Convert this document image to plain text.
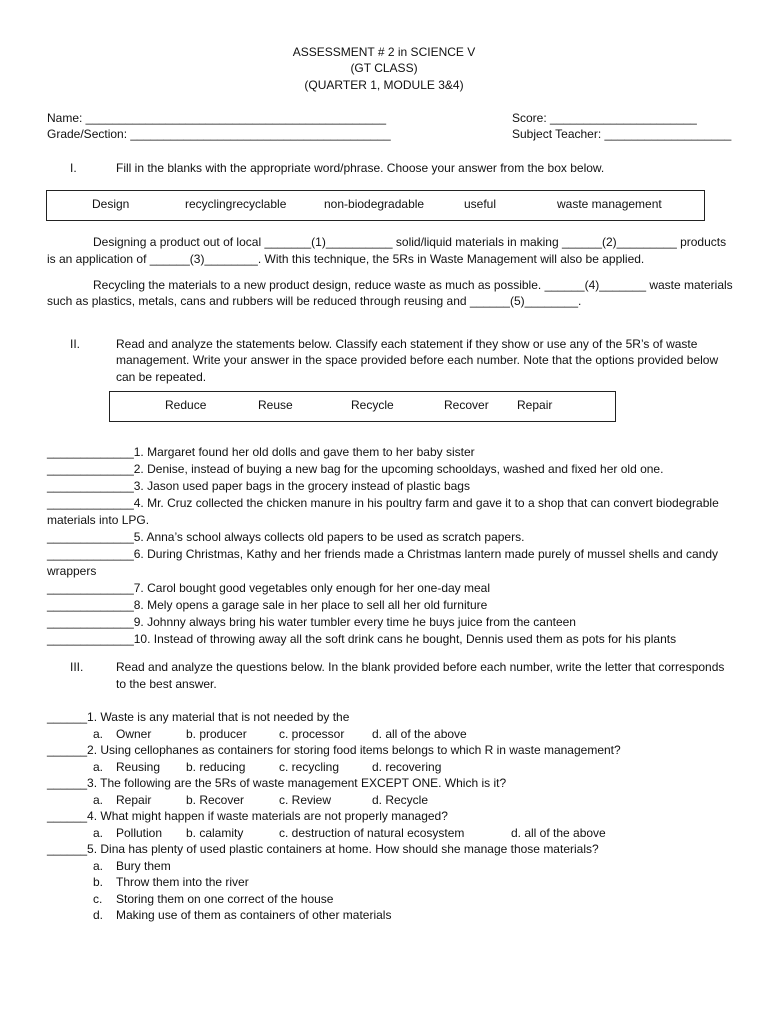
ASSESSMENT # 2 in SCIENCE V
(GT CLASS)
(QUARTER 1, MODULE 3&4)
Name: _____________________________________________	Score: ______________________
Grade/Section: _______________________________________	Subject Teacher: ___________________
I.	Fill in the blanks with the appropriate word/phrase. Choose your answer from the box below.
Design	recyclingrecyclable	non-biodegradable	useful	waste management
Designing a product out of local _______(1)__________ solid/liquid materials in making ______(2)_________ products
is an application of ______(3)________. With this technique, the 5Rs in Waste Management will also be applied.
Recycling the materials to a new product design, reduce waste as much as possible. ______(4)_______ waste materials
such as plastics, metals, cans and rubbers will be reduced through reusing and ______(5)________.
II.	Read and analyze the statements below. Classify each statement if they show or use any of the 5R’s of waste
management. Write your answer in the space provided before each number. Note that the options provided below
can be repeated.
Reduce	Reuse	Recycle	Recover Repair
_____________1. Margaret found her old dolls and gave them to her baby sister
_____________2. Denise, instead of buying a new bag for the upcoming schooldays, washed and fixed her old one.
_____________3. Jason used paper bags in the grocery instead of plastic bags
_____________4. Mr. Cruz collected the chicken manure in his poultry farm and gave it to a shop that can convert biodegrable
materials into LPG.
_____________5. Anna’s school always collects old papers to be used as scratch papers.
_____________6. During Christmas, Kathy and her friends made a Christmas lantern made purely of mussel shells and candy
wrappers
_____________7. Carol bought good vegetables only enough for her one-day meal
_____________8. Mely opens a garage sale in her place to sell all her old furniture
_____________9. Johnny always bring his water tumbler every time he buys juice from the canteen
_____________10. Instead of throwing away all the soft drink cans he bought, Dennis used them as pots for his plants
III.	Read and analyze the questions below. In the blank provided before each number, write the letter that corresponds
to the best answer.
______1. Waste is any material that is not needed by the
a. Owner	b. producer	c. processor d. all of the above
______2. Using cellophanes as containers for storing food items belongs to which R in waste management?
a. Reusing b. reducing	c. recycling	d. recovering
______3. The following are the 5Rs of waste management EXCEPT ONE. Which is it?
a. Repair	b. Recover	c. Review	d. Recycle
______4. What might happen if waste materials are not properly managed?
a. Pollution b. calamity	c. destruction of natural ecosystem	d. all of the above
______5. Dina has plenty of used plastic containers at home. How should she manage those materials?
a. Bury them
b. Throw them into the river
c. Storing them on one correct of the house
d. Making use of them as containers of other materials
